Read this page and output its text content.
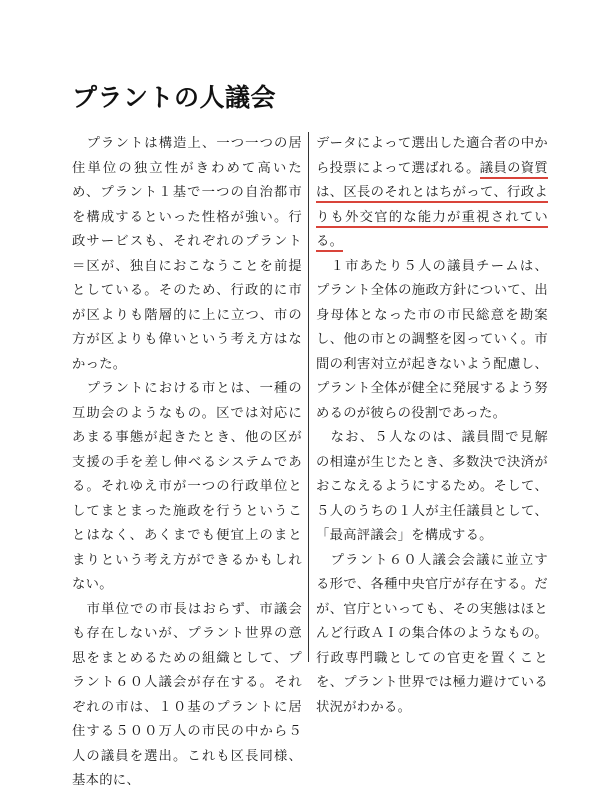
プラントの人議会

プラントは構造上、一つ一つの居住単位の独立性がきわめて高いため、プラント１基で一つの自治都市を構成するといった性格が強い。行政サービスも、それぞれのプラント＝区が、独自におこなうことを前提としている。そのため、行政的に市が区よりも階層的に上に立つ、市の方が区よりも偉いという考え方はなかった。

プラントにおける市とは、一種の互助会のようなもの。区では対応にあまる事態が起きたとき、他の区が支援の手を差し伸べるシステムである。それゆえ市が一つの行政単位としてまとまった施政を行うということはなく、あくまでも便宜上のまとまりという考え方ができるかもしれない。

市単位での市長はおらず、市議会も存在しないが、プラント世界の意思をまとめるための組織として、プラント６０人議会が存在する。それぞれの市は、１０基のプラントに居住する５００万人の市民の中から５人の議員を選出。これも区長同様、基本的に、

データによって選出した適合者の中から投票によって選ばれる。議員の資質は、区長のそれとはちがって、行政よりも外交官的な能力が重視されている。

１市あたり５人の議員チームは、プラント全体の施政方針について、出身母体となった市の市民総意を勘案し、他の市との調整を図っていく。市間の利害対立が起きないよう配慮し、プラント全体が健全に発展するよう努めるのが彼らの役割であった。

なお、５人なのは、議員間で見解の相違が生じたとき、多数決で決済がおこなえるようにするため。そして、５人のうちの１人が主任議員として、「最高評議会」を構成する。

プラント６０人議会会議に並立する形で、各種中央官庁が存在する。だが、官庁といっても、その実態はほとんど行政ＡＩの集合体のようなもの。行政専門職としての官吏を置くことを、プラント世界では極力避けている状況がわかる。
